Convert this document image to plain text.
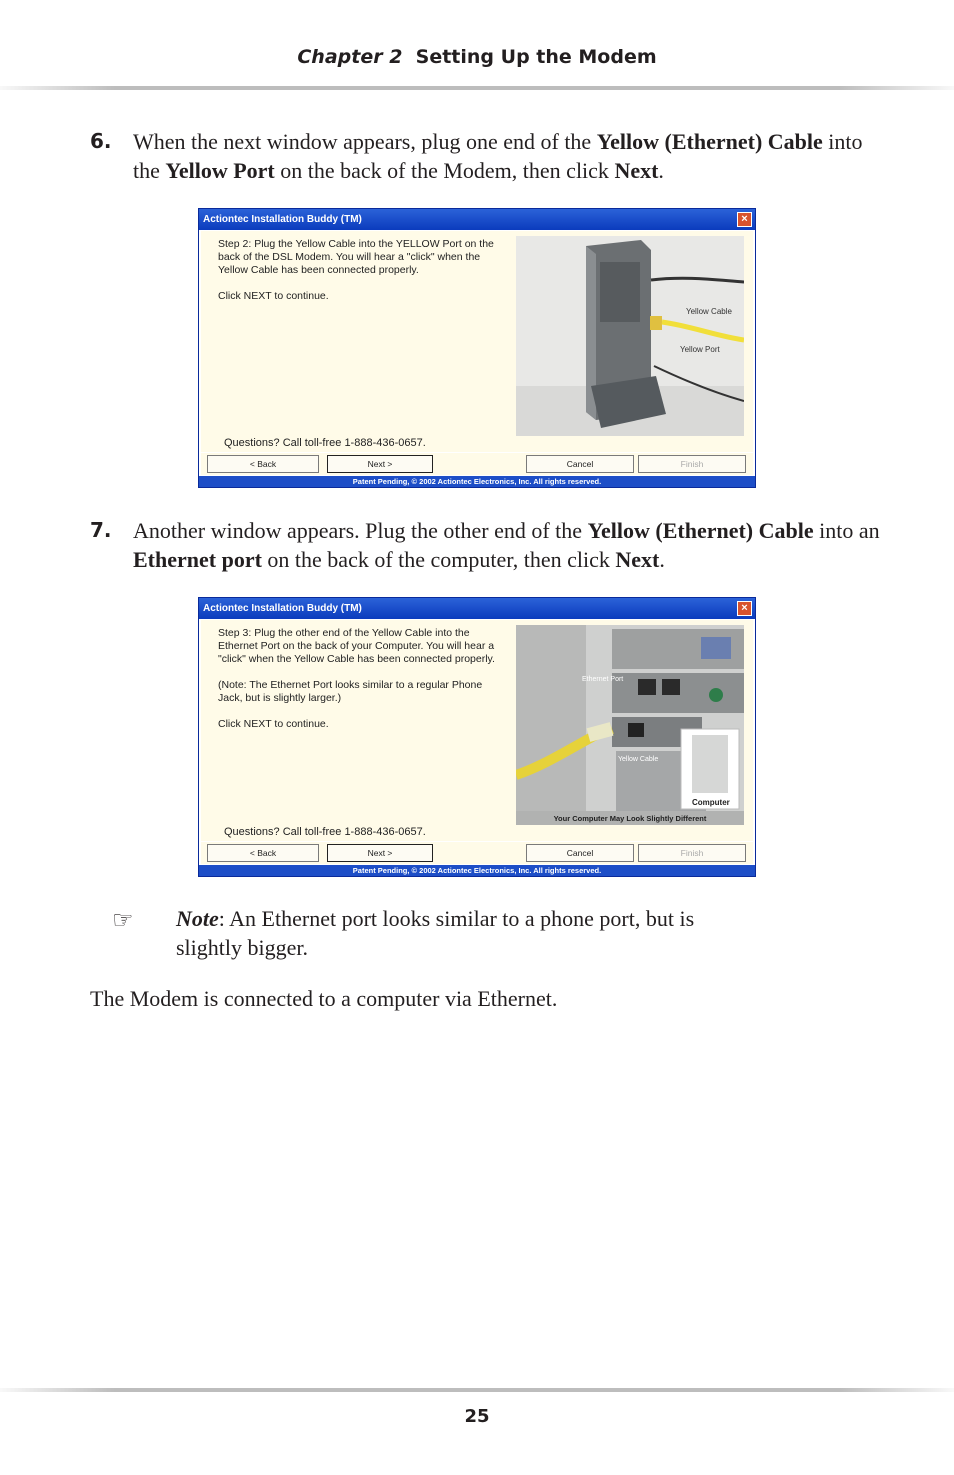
Chapter 2 Setting Up the Modem
6. When the next window appears, plug one end of the Yellow (Ethernet) Cable into the Yellow Port on the back of the Modem, then click Next.
Actiontec Installation Buddy (TM)	×

Step 2: Plug the Yellow Cable into the YELLOW Port on the back of the DSL Modem. You will hear a "click" when the Yellow Cable has been connected properly.

Click NEXT to continue.

Questions? Call toll-free 1-888-436-0657.
Yellow Cable
Yellow Port
< Back	Next >	Cancel	Finish
Patent Pending, © 2002 Actiontec Electronics, Inc. All rights reserved.
7. Another window appears. Plug the other end of the Yellow (Ethernet) Cable into an Ethernet port on the back of the computer, then click Next.
Actiontec Installation Buddy (TM)	×

Step 3: Plug the other end of the Yellow Cable into the Ethernet Port on the back of your Computer. You will hear a "click" when the Yellow Cable has been connected properly.

(Note: The Ethernet Port looks similar to a regular Phone Jack, but is slightly larger.)

Click NEXT to continue.

Questions? Call toll-free 1-888-436-0657.
Ethernet Port
Yellow Cable
Computer
Your Computer May Look Slightly Different
< Back	Next >	Cancel	Finish
Patent Pending, © 2002 Actiontec Electronics, Inc. All rights reserved.
☞ Note: An Ethernet port looks similar to a phone port, but is slightly bigger.
The Modem is connected to a computer via Ethernet.
25
